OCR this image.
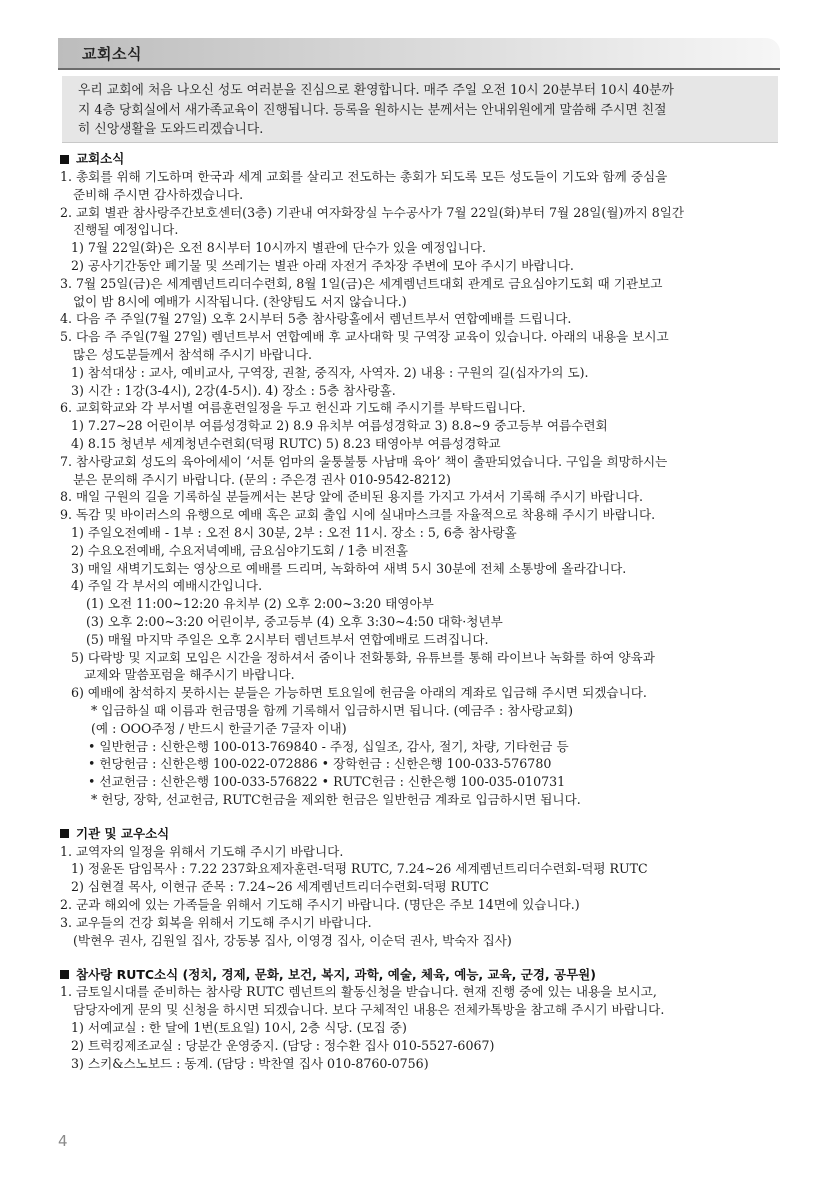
교회소식
우리 교회에 처음 나오신 성도 여러분을 진심으로 환영합니다. 매주 주일 오전 10시 20분부터 10시 40분까
지 4층 당회실에서 새가족교육이 진행됩니다. 등록을 원하시는 분께서는 안내위원에게 말씀해 주시면 친절
히 신앙생활을 도와드리겠습니다.
교회소식
1. 총회를 위해 기도하며 한국과 세계 교회를 살리고 전도하는 총회가 되도록 모든 성도들이 기도와 함께 중심을
준비해 주시면 감사하겠습니다.
2. 교회 별관 참사랑주간보호센터(3층) 기관내 여자화장실 누수공사가 7월 22일(화)부터 7월 28일(월)까지 8일간
진행될 예정입니다.
1) 7월 22일(화)은 오전 8시부터 10시까지 별관에 단수가 있을 예정입니다.
2) 공사기간동안 폐기물 및 쓰레기는 별관 아래 자전거 주차장 주변에 모아 주시기 바랍니다.
3. 7월 25일(금)은 세계렘넌트리더수련회, 8월 1일(금)은 세계렘넌트대회 관계로 금요심야기도회 때 기관보고
없이 밤 8시에 예배가 시작됩니다. (찬양팀도 서지 않습니다.)
4. 다음 주 주일(7월 27일) 오후 2시부터 5층 참사랑홀에서 렘넌트부서 연합예배를 드립니다.
5. 다음 주 주일(7월 27일) 렘넌트부서 연합예배 후 교사대학 및 구역장 교육이 있습니다. 아래의 내용을 보시고
많은 성도분들께서 참석해 주시기 바랍니다.
1) 참석대상 : 교사, 예비교사, 구역장, 권찰, 중직자, 사역자. 2) 내용 : 구원의 길(십자가의 도).
3) 시간 : 1강(3-4시), 2강(4-5시). 4) 장소 : 5층 참사랑홀.
6. 교회학교와 각 부서별 여름훈련일정을 두고 헌신과 기도해 주시기를 부탁드립니다.
1) 7.27~28 어린이부 여름성경학교 2) 8.9 유치부 여름성경학교 3) 8.8~9 중고등부 여름수련회
4) 8.15 청년부 세계청년수련회(덕평 RUTC) 5) 8.23 태영아부 여름성경학교
7. 참사랑교회 성도의 육아에세이 ‘서툰 엄마의 울퉁불퉁 사남매 육아’ 책이 출판되었습니다. 구입을 희망하시는
분은 문의해 주시기 바랍니다. (문의 : 주은경 권사 010-9542-8212)
8. 매일 구원의 길을 기록하실 분들께서는 본당 앞에 준비된 용지를 가지고 가셔서 기록해 주시기 바랍니다.
9. 독감 및 바이러스의 유행으로 예배 혹은 교회 출입 시에 실내마스크를 자율적으로 착용해 주시기 바랍니다.
1) 주일오전예배 - 1부 : 오전 8시 30분, 2부 : 오전 11시. 장소 : 5, 6층 참사랑홀
2) 수요오전예배, 수요저녁예배, 금요심야기도회 / 1층 비전홀
3) 매일 새벽기도회는 영상으로 예배를 드리며, 녹화하여 새벽 5시 30분에 전체 소통방에 올라갑니다.
4) 주일 각 부서의 예배시간입니다.
(1) 오전 11:00~12:20 유치부 (2) 오후 2:00~3:20 태영아부
(3) 오후 2:00~3:20 어린이부, 중고등부 (4) 오후 3:30~4:50 대학·청년부
(5) 매월 마지막 주일은 오후 2시부터 렘넌트부서 연합예배로 드려집니다.
5) 다락방 및 지교회 모임은 시간을 정하셔서 줌이나 전화통화, 유튜브를 통해 라이브나 녹화를 하여 양육과
교제와 말씀포럼을 해주시기 바랍니다.
6) 예배에 참석하지 못하시는 분들은 가능하면 토요일에 헌금을 아래의 계좌로 입금해 주시면 되겠습니다.
* 입금하실 때 이름과 헌금명을 함께 기록해서 입금하시면 됩니다. (예금주 : 참사랑교회)
(예 : OOO주정 / 반드시 한글기준 7글자 이내)
• 일반헌금 : 신한은행 100-013-769840 - 주정, 십일조, 감사, 절기, 차량, 기타헌금 등
• 헌당헌금 : 신한은행 100-022-072886 • 장학헌금 : 신한은행 100-033-576780
• 선교헌금 : 신한은행 100-033-576822 • RUTC헌금 : 신한은행 100-035-010731
* 헌당, 장학, 선교헌금, RUTC헌금을 제외한 헌금은 일반헌금 계좌로 입금하시면 됩니다.
기관 및 교우소식
1. 교역자의 일정을 위해서 기도해 주시기 바랍니다.
1) 정윤돈 담임목사 : 7.22 237화요제자훈련-덕평 RUTC, 7.24~26 세계렘넌트리더수련회-덕평 RUTC
2) 심현결 목사, 이현규 준목 : 7.24~26 세계렘넌트리더수련회-덕평 RUTC
2. 군과 해외에 있는 가족들을 위해서 기도해 주시기 바랍니다. (명단은 주보 14면에 있습니다.)
3. 교우들의 건강 회복을 위해서 기도해 주시기 바랍니다.
(박현우 권사, 김원일 집사, 강동봉 집사, 이영경 집사, 이순덕 권사, 박숙자 집사)
참사랑 RUTC소식 (정치, 경제, 문화, 보건, 복지, 과학, 예술, 체육, 예능, 교육, 군경, 공무원)
1. 금토일시대를 준비하는 참사랑 RUTC 렘넌트의 활동신청을 받습니다. 현재 진행 중에 있는 내용을 보시고,
담당자에게 문의 및 신청을 하시면 되겠습니다. 보다 구체적인 내용은 전체카톡방을 참고해 주시기 바랍니다.
1) 서예교실 : 한 달에 1번(토요일) 10시, 2층 식당. (모집 중)
2) 트럭킹제조교실 : 당분간 운영중지. (담당 : 정수환 집사 010-5527-6067)
3) 스키&스노보드 : 동계. (담당 : 박찬열 집사 010-8760-0756)
4
